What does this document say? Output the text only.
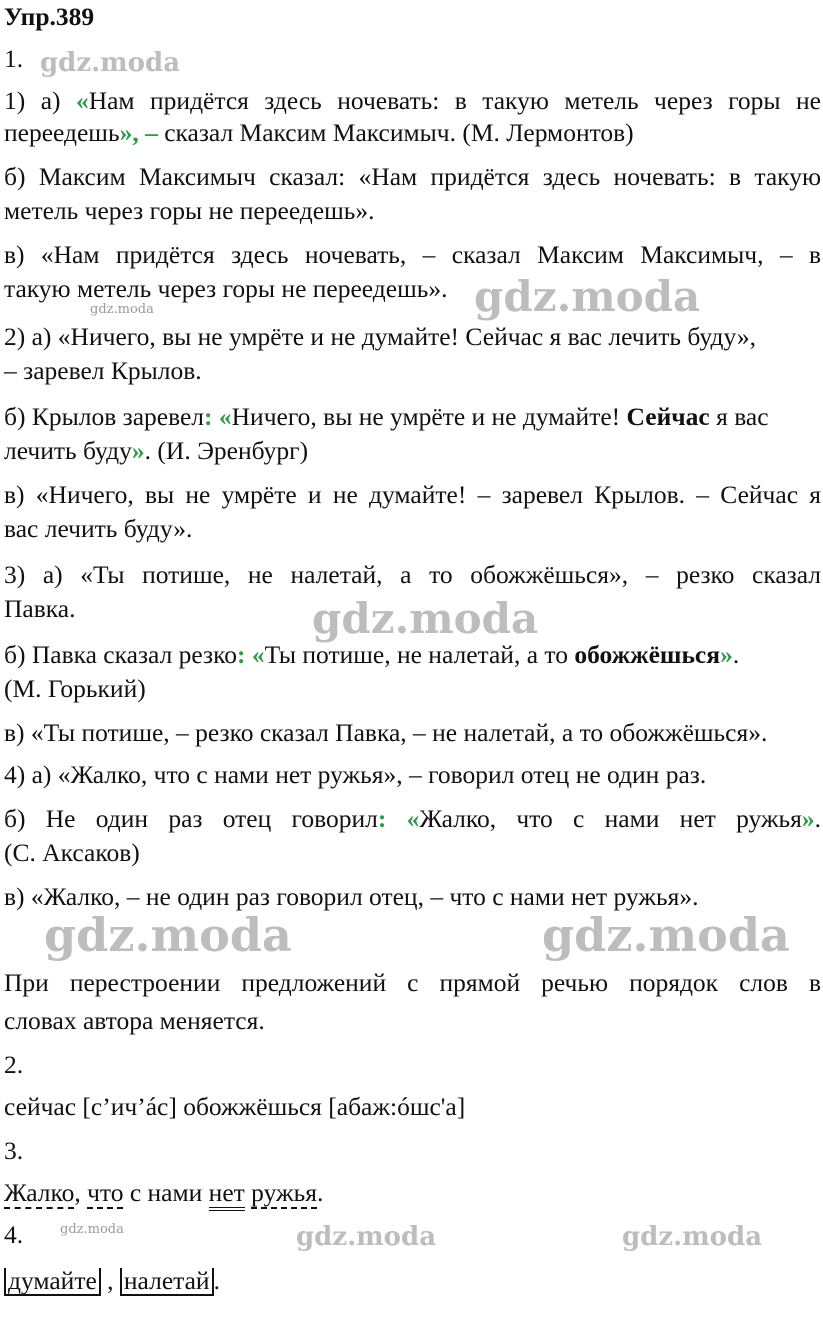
Упр.389
1.
1) а) «Нам придётся здесь ночевать: в такую метель через горы не
переедешь», – сказал Максим Максимыч. (М. Лермонтов)
б) Максим Максимыч сказал: «Нам придётся здесь ночевать: в такую
метель через горы не переедешь».
в) «Нам придётся здесь ночевать, – сказал Максим Максимыч, – в
такую метель через горы не переедешь».
2) а) «Ничего, вы не умрёте и не думайте! Сейчас я вас лечить буду»,
– заревел Крылов.
б) Крылов заревел: «Ничего, вы не умрёте и не думайте! Сейчас я вас
лечить буду». (И. Эренбург)
в) «Ничего, вы не умрёте и не думайте! – заревел Крылов. – Сейчас я
вас лечить буду».
3) а) «Ты потише, не налетай, а то обожжёшься», – резко сказал
Павка.
б) Павка сказал резко: «Ты потише, не налетай, а то обожжёшься».
(М. Горький)
в) «Ты потише, – резко сказал Павка, – не налетай, а то обожжёшься».
4) а) «Жалко, что с нами нет ружья», – говорил отец не один раз.
б) Не один раз отец говорил: «Жалко, что с нами нет ружья».
(С. Аксаков)
в) «Жалко, – не один раз говорил отец, – что с нами нет ружья».
При перестроении предложений с прямой речью порядок слов в
словах автора меняется.
2.
сейчас [с’ич’áс] обожжёшься [абаж:óшс'а]
3.
Жалко, что с нами нет ружья.
4.
думайте , налетай .
gdz.moda
gdz.moda	gdz.moda
gdz.moda
gdz.moda	gdz.moda
gdz.moda	gdz.moda	gdz.moda
